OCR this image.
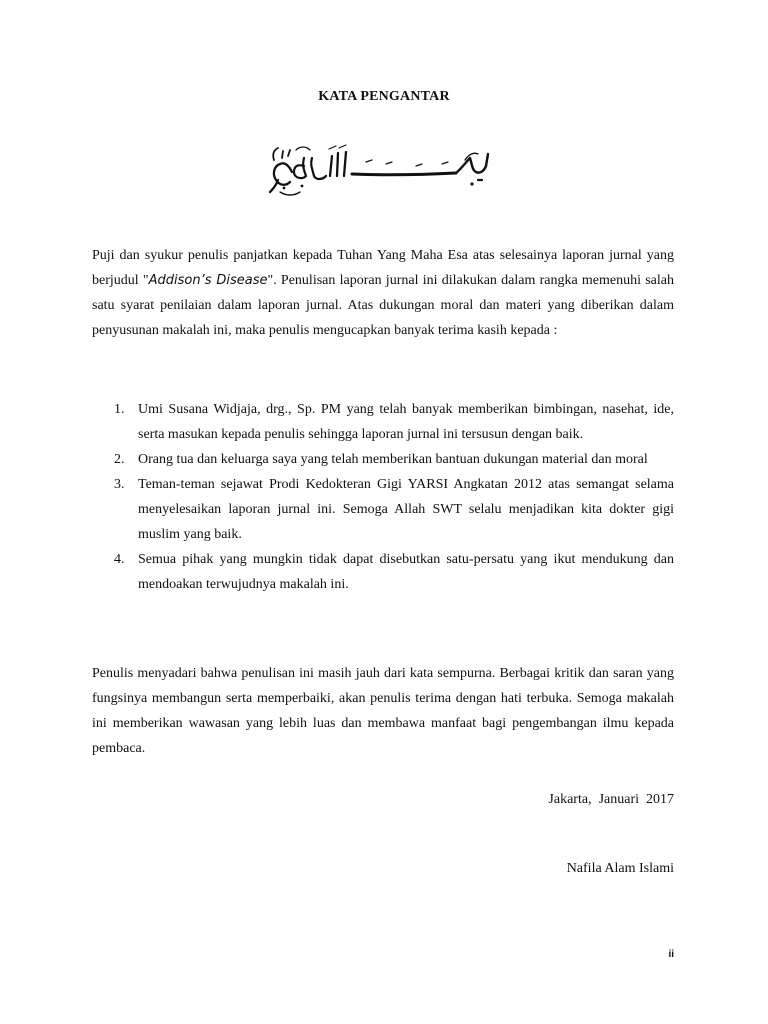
KATA PENGANTAR

Puji dan syukur penulis panjatkan kepada Tuhan Yang Maha Esa atas selesainya laporan jurnal yang berjudul "Addison’s Disease". Penulisan laporan jurnal ini dilakukan dalam rangka memenuhi salah satu syarat penilaian dalam laporan jurnal. Atas dukungan moral dan materi yang diberikan dalam penyusunan makalah ini, maka penulis mengucapkan banyak terima kasih kepada :

1. Umi Susana Widjaja, drg., Sp. PM yang telah banyak memberikan bimbingan, nasehat, ide, serta masukan kepada penulis sehingga laporan jurnal ini tersusun dengan baik.
2. Orang tua dan keluarga saya yang telah memberikan bantuan dukungan material dan moral
3. Teman-teman sejawat Prodi Kedokteran Gigi YARSI Angkatan 2012 atas semangat selama menyelesaikan laporan jurnal ini. Semoga Allah SWT selalu menjadikan kita dokter gigi muslim yang baik.
4. Semua pihak yang mungkin tidak dapat disebutkan satu-persatu yang ikut mendukung dan mendoakan terwujudnya makalah ini.

Penulis menyadari bahwa penulisan ini masih jauh dari kata sempurna. Berbagai kritik dan saran yang fungsinya membangun serta memperbaiki, akan penulis terima dengan hati terbuka. Semoga makalah ini memberikan wawasan yang lebih luas dan membawa manfaat bagi pengembangan ilmu kepada pembaca.

Jakarta,  Januari  2017
Nafila Alam Islami
ii
